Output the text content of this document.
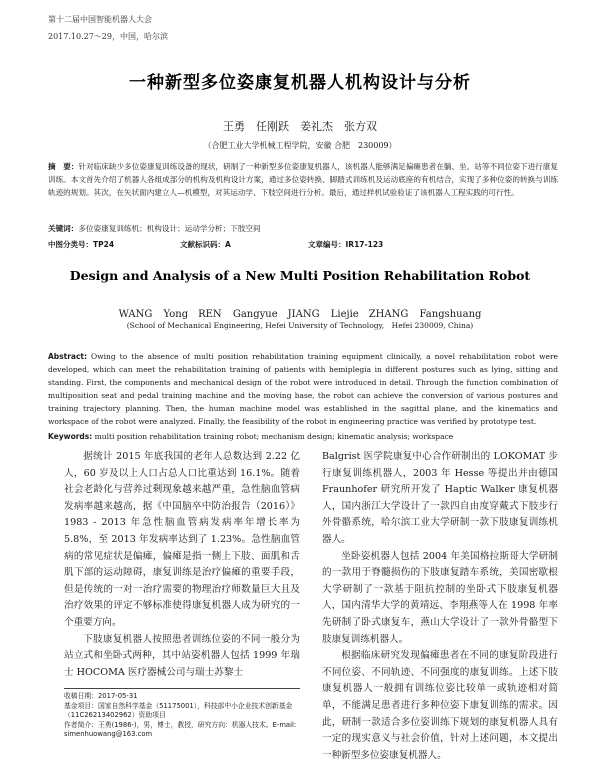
第十二届中国智能机器人大会
2017.10.27～29，中国，哈尔滨
一种新型多位姿康复机器人机构设计与分析
王勇　任刚跃　姜礼杰　张方双
（合肥工业大学机械工程学院，安徽 合肥　230009）
摘　要：针对临床缺少多位姿康复训练设备的现状，研制了一种新型多位姿康复机器人，该机器人能够满足偏瘫患者在躺、坐、站等不同位姿下进行康复训练。本文首先介绍了机器人各组成部分的机构及机构设计方案，通过多位姿转换、脚踏式训练机及运动底座的有机结合，实现了多种位姿的转换与训练轨迹的规划。其次，在矢状面内建立人—机模型，对其运动学、下肢空间进行分析。最后，通过样机试验验证了该机器人工程实践的可行性。
关键词：多位姿康复训练机；机构设计；运动学分析；下肢空间
中图分类号：TP24	文献标识码：A	文章编号：IR17-123
Design and Analysis of a New Multi Position Rehabilitation Robot
WANG Yong　REN Gangyue　JIANG Liejie　ZHANG Fangshuang
(School of Mechanical Engineering, Hefei University of Technology,　Hefei 230009, China)
Abstract: Owing to the absence of multi position rehabilitation training equipment clinically, a novel rehabilitation robot were developed, which can meet the rehabilitation training of patients with hemiplegia in different postures such as lying, sitting and standing. First, the components and mechanical design of the robot were introduced in detail. Through the function combination of multiposition seat and pedal training machine and the moving base, the robot can achieve the conversion of various postures and training trajectory planning. Then, the human machine model was established in the sagittal plane, and the kinematics and workspace of the robot were analyzed. Finally, the feasibility of the robot in engineering practice was verified by prototype test.
Keywords: multi position rehabilitation training robot; mechanism design; kinematic analysis; workspace

据统计 2015 年底我国的老年人总数达到 2.22 亿人，60 岁及以上人口占总人口比重达到 16.1%。随着社会老龄化与营养过剩现象越来越严重，急性脑血管病发病率越来越高，据《中国脑卒中防治报告（2016）》1983 - 2013 年急性脑血管病发病率年增长率为 5.8%，至 2013 年发病率达到了 1.23%。急性脑血管病的常见症状是偏瘫，偏瘫是指一侧上下肢、面肌和舌肌下部的运动障碍，康复训练是治疗偏瘫的重要手段，但是传统的一对一治疗需要的物理治疗师数量巨大且及治疗效果的评定不够标准使得康复机器人成为研究的一个重要方向。

下肢康复机器人按照患者训练位姿的不同一般分为站立式和坐卧式两种，其中站姿机器人包括 1999 年瑞士 HOCOMA 医疗器械公司与瑞士苏黎士

Balgrist 医学院康复中心合作研制出的 LOKOMAT 步行康复训练机器人，2003 年 Hesse 等提出并由德国 Fraunhofer 研究所开发了 Haptic Walker 康复机器人，国内浙江大学设计了一款四自由度穿戴式下肢步行外骨骼系统，哈尔滨工业大学研制一款下肢康复训练机器人。

坐卧姿机器人包括 2004 年美国格拉斯哥大学研制的一款用于脊髓损伤的下肢康复踏车系统，美国密歇根大学研制了一款基于阻抗控制的坐卧式下肢康复机器人，国内清华大学的黄靖远、李翔燕等人在 1998 年率先研制了卧式康复车，燕山大学设计了一款外骨骼型下肢康复训练机器人。

根据临床研究发现偏瘫患者在不同的康复阶段进行不同位姿、不同轨迹、不同强度的康复训练。上述下肢康复机器人一般拥有训练位姿比较单一或轨迹相对简单，不能满足患者进行多种位姿下康复训练的需求。因此，研制一款适合多位姿训练下规划的康复机器人具有一定的现实意义与社会价值，针对上述问题，本文提出一种新型多位姿康复机器人。

收稿日期：2017-05-31
基金项目：国家自然科学基金（51175001），科技部中小企业技术创新基金（11C26213402962）资助项目
作者简介：王勇(1986-)，男，博士，教授，研究方向：机器人技术。E-mail: simenhuowang@163.com
